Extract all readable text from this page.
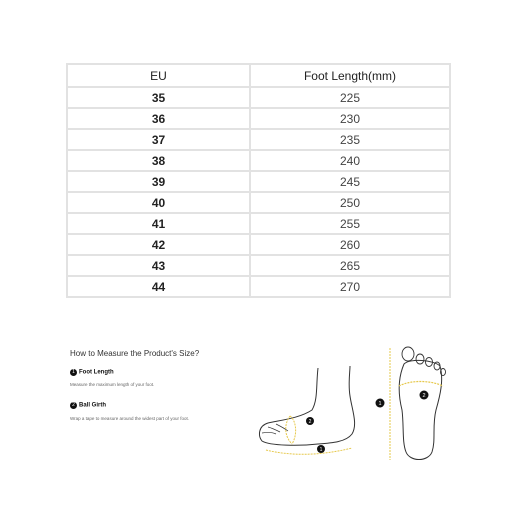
EU	Foot Length(mm)
35	225
36	230
37	235
38	240
39	245
40	250
41	255
42	260
43	265
44	270
How to Measure the Product's Size?
1 Foot Length
Measure the maximum length of your foot.
2 Ball Girth
Wrap a tape to measure around the widest part of your foot.
2
1
1
2
